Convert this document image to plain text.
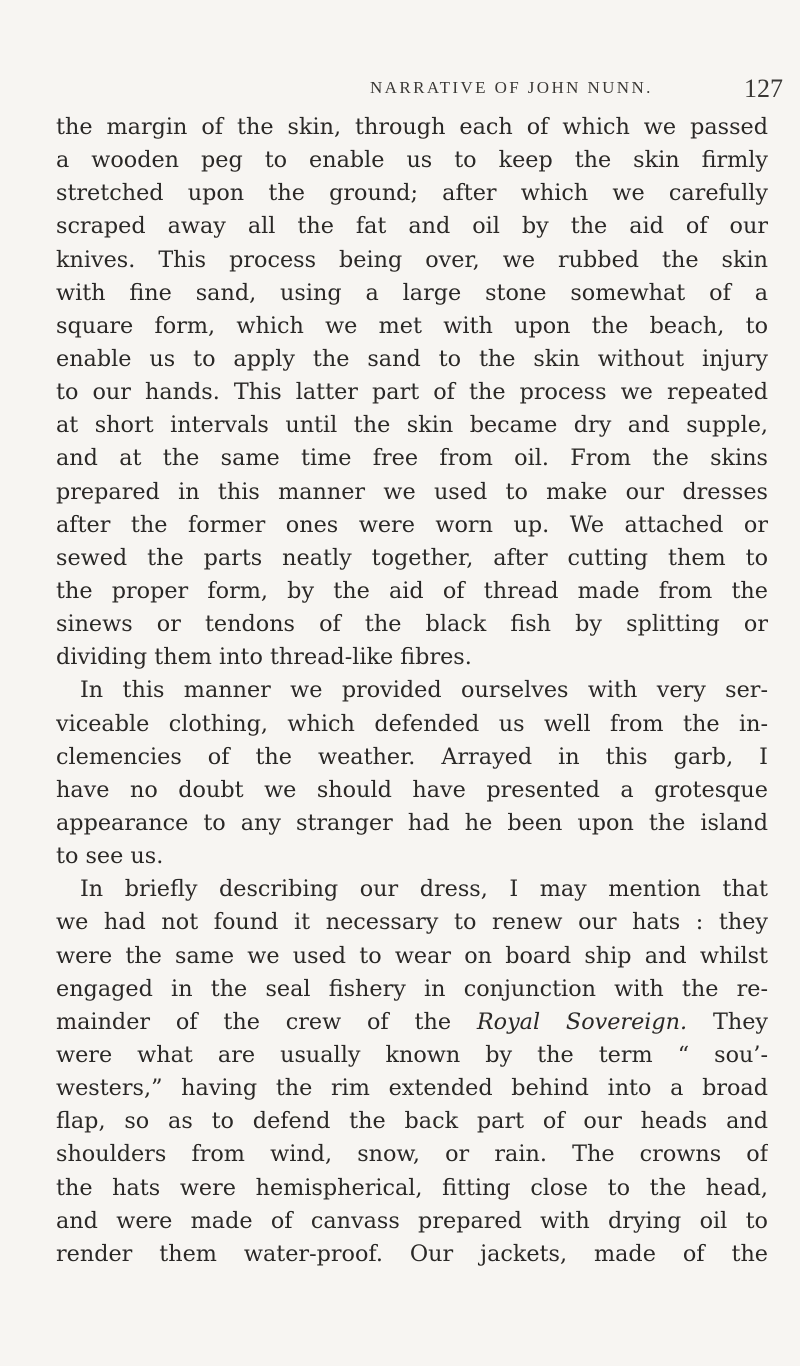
NARRATIVE OF JOHN NUNN.	127
the margin of the skin, through each of which we passed
a wooden peg to enable us to keep the skin firmly
stretched upon the ground; after which we carefully
scraped away all the fat and oil by the aid of our
knives. This process being over, we rubbed the skin
with fine sand, using a large stone somewhat of a
square form, which we met with upon the beach, to
enable us to apply the sand to the skin without injury
to our hands. This latter part of the process we repeated
at short intervals until the skin became dry and supple,
and at the same time free from oil. From the skins
prepared in this manner we used to make our dresses
after the former ones were worn up. We attached or
sewed the parts neatly together, after cutting them to
the proper form, by the aid of thread made from the
sinews or tendons of the black fish by splitting or
dividing them into thread-like fibres.
In this manner we provided ourselves with very ser-
viceable clothing, which defended us well from the in-
clemencies of the weather. Arrayed in this garb, I
have no doubt we should have presented a grotesque
appearance to any stranger had he been upon the island
to see us.
In briefly describing our dress, I may mention that
we had not found it necessary to renew our hats : they
were the same we used to wear on board ship and whilst
engaged in the seal fishery in conjunction with the re-
mainder of the crew of the Royal Sovereign. They
were what are usually known by the term “ sou’-
westers,” having the rim extended behind into a broad
flap, so as to defend the back part of our heads and
shoulders from wind, snow, or rain. The crowns of
the hats were hemispherical, fitting close to the head,
and were made of canvass prepared with drying oil to
render them water-proof. Our jackets, made of the
